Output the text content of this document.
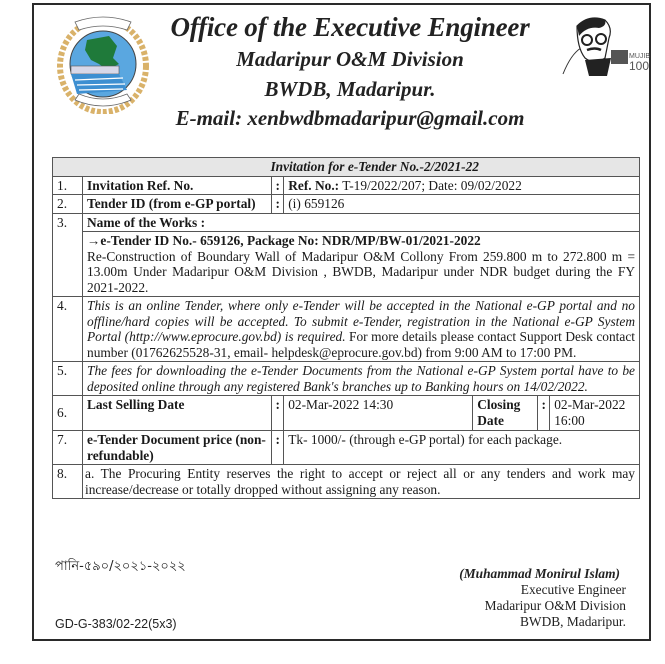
MUJIB
100
Office of the Executive Engineer
Madaripur O&M Division
BWDB, Madaripur.
E-mail: xenbwdbmadaripur@gmail.com
Invitation for e-Tender No.-2/2021-22						
1.	Invitation Ref. No.	:	Ref. No.: T-19/2022/207; Date: 09/02/2022			
2.	Tender ID (from e-GP portal)	:	(i) 659126			
3.	Name of the Works :					

	→e-Tender ID No.- 659126, Package No: NDR/MP/BW-01/2021-2022
Re-Construction of Boundary Wall of Madaripur O&M Collony From 259.800 m to 272.800 m = 13.00m Under Madaripur O&M Division , BWDB, Madaripur under NDR budget during the FY 2021-2022.					

4.	This is an online Tender, where only e-Tender will be accepted in the National e-GP portal and no offline/hard copies will be accepted. To submit e-Tender, registration in the National e-GP System Portal (http://www.eprocure.gov.bd) is required. For more details please contact Support Desk contact number (01762625528-31, email- helpdesk@eprocure.gov.bd) from 9:00 AM to 17:00 PM.					
5.	The fees for downloading the e-Tender Documents from the National e-GP System portal have to be deposited online through any registered Bank's branches up to Banking hours on 14/02/2022.					
6.	Last Selling Date	:	02-Mar-2022 14:30	Closing Date	:	02-Mar-2022 16:00
7.	e-Tender Document price (non-refundable)	:	Tk- 1000/- (through e-GP portal) for each package.			
8.	a. The Procuring Entity reserves the right to accept or reject all or any tenders and work may increase/decrease or totally dropped without assigning any reason.					
পানি-৫৯০/২০২১-২০২২
GD-G-383/02-22(5x3)
(Muhammad Monirul Islam)
Executive Engineer
Madaripur O&M Division
BWDB, Madaripur.
